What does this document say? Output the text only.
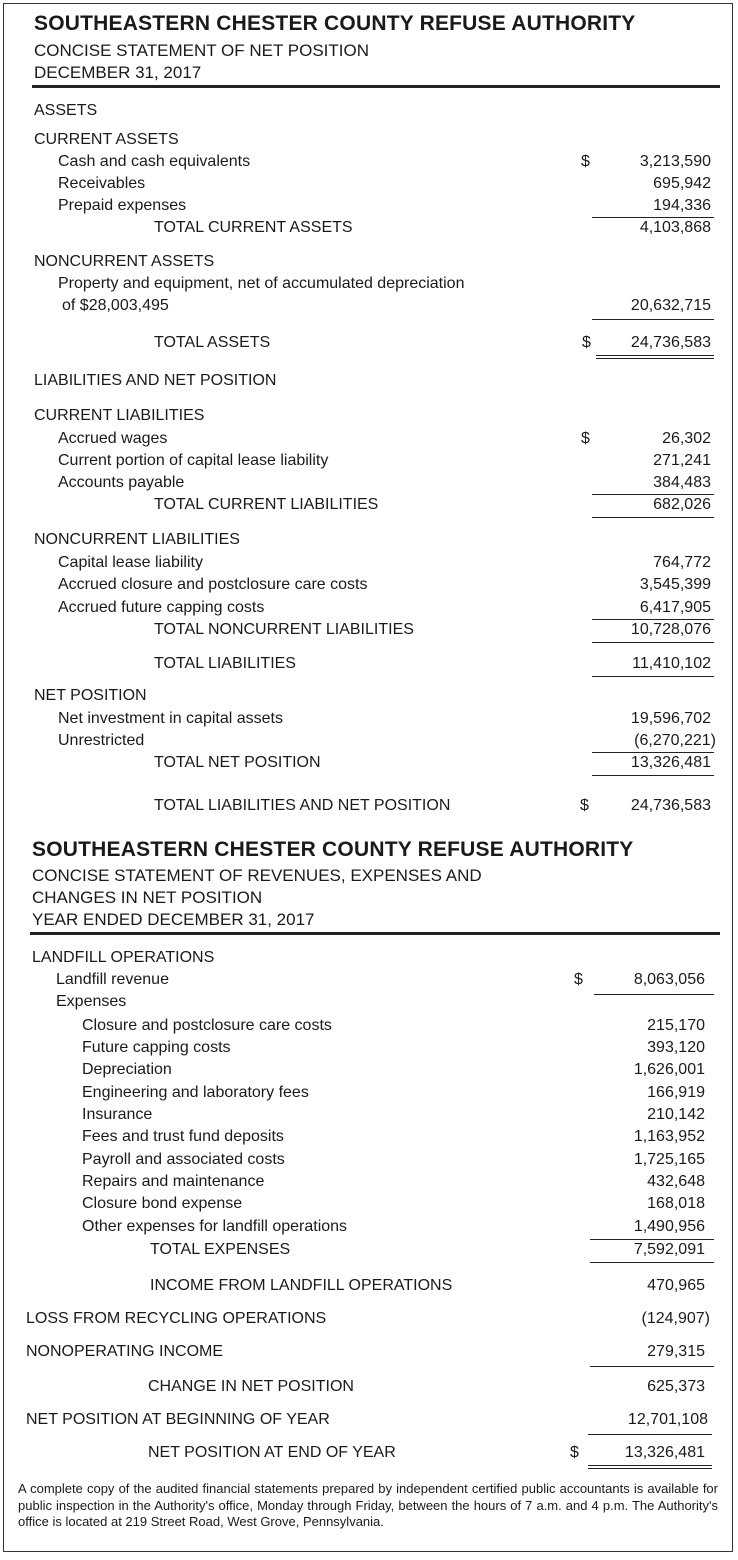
SOUTHEASTERN CHESTER COUNTY REFUSE AUTHORITY
CONCISE STATEMENT OF NET POSITION
DECEMBER 31, 2017
ASSETS
CURRENT ASSETS
Cash and cash equivalents	$	3,213,590
Receivables	695,942
Prepaid expenses	194,336
TOTAL CURRENT ASSETS	4,103,868
NONCURRENT ASSETS
Property and equipment, net of accumulated depreciation
of $28,003,495	20,632,715
TOTAL ASSETS	$	24,736,583
LIABILITIES AND NET POSITION
CURRENT LIABILITIES
Accrued wages	$	26,302
Current portion of capital lease liability	271,241
Accounts payable	384,483
TOTAL CURRENT LIABILITIES	682,026
NONCURRENT LIABILITIES
Capital lease liability	764,772
Accrued closure and postclosure care costs	3,545,399
Accrued future capping costs	6,417,905
TOTAL NONCURRENT LIABILITIES	10,728,076
TOTAL LIABILITIES	11,410,102
NET POSITION
Net investment in capital assets	19,596,702
Unrestricted	(6,270,221)
TOTAL NET POSITION	13,326,481
TOTAL LIABILITIES AND NET POSITION	$	24,736,583
SOUTHEASTERN CHESTER COUNTY REFUSE AUTHORITY
CONCISE STATEMENT OF REVENUES, EXPENSES AND
CHANGES IN NET POSITION
YEAR ENDED DECEMBER 31, 2017
LANDFILL OPERATIONS
Landfill revenue	$	8,063,056
Expenses
Closure and postclosure care costs	215,170
Future capping costs	393,120
Depreciation	1,626,001
Engineering and laboratory fees	166,919
Insurance	210,142
Fees and trust fund deposits	1,163,952
Payroll and associated costs	1,725,165
Repairs and maintenance	432,648
Closure bond expense	168,018
Other expenses for landfill operations	1,490,956
TOTAL EXPENSES	7,592,091
INCOME FROM LANDFILL OPERATIONS	470,965
LOSS FROM RECYCLING OPERATIONS	(124,907)
NONOPERATING INCOME	279,315
CHANGE IN NET POSITION	625,373
NET POSITION AT BEGINNING OF YEAR	12,701,108
NET POSITION AT END OF YEAR	$	13,326,481
A complete copy of the audited financial statements prepared by independent certified public accountants is available for public inspection in the Authority's office, Monday through Friday, between the hours of 7 a.m. and 4 p.m. The Authority's office is located at 219 Street Road, West Grove, Pennsylvania.
